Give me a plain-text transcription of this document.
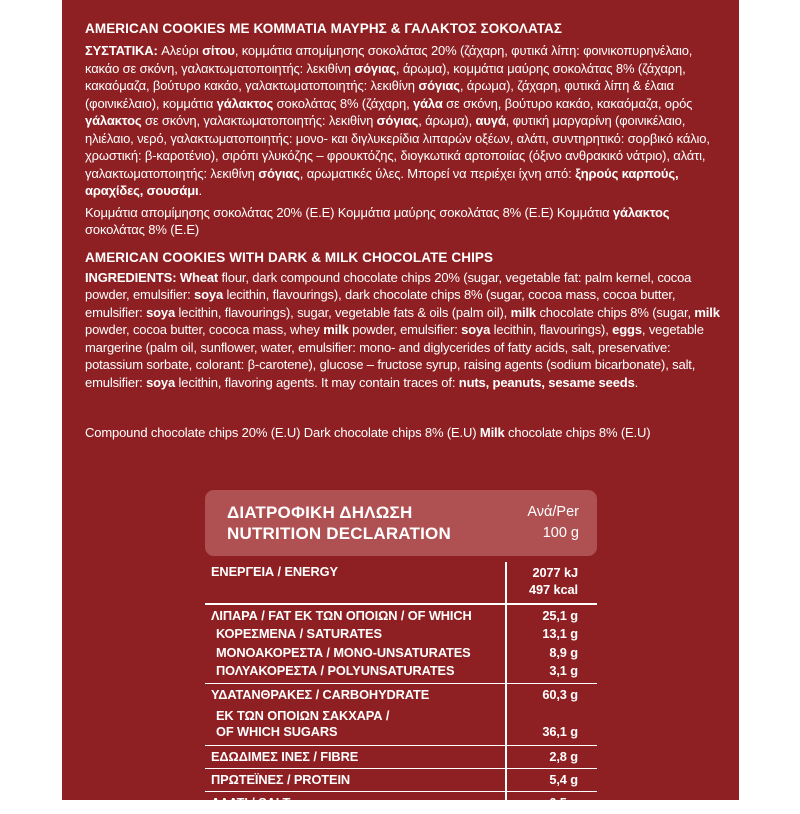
AMERICAN COOKIES ΜΕ ΚΟΜΜΑΤΙΑ ΜΑΥΡΗΣ & ΓΑΛΑΚΤΟΣ ΣΟΚΟΛΑΤΑΣ

ΣΥΣΤΑΤΙΚΑ: Αλεύρι σίτου, κομμάτια απομίμησης σοκολάτας 20% (ζάχαρη, φυτικά λίπη: φοινικοπυρηνέλαιο, κακάο σε σκόνη, γαλακτωματοποιητής: λεκιθίνη σόγιας, άρωμα), κομμάτια μαύρης σοκολάτας 8% (ζάχαρη, κακαόμαζα, βούτυρο κακάο, γαλακτωματοποιητής: λεκιθίνη σόγιας, άρωμα), ζάχαρη, φυτικά λίπη & έλαια (φοινικέλαιο), κομμάτια γάλακτος σοκολάτας 8% (ζάχαρη, γάλα σε σκόνη, βούτυρο κακάο, κακαόμαζα, ορός γάλακτος σε σκόνη, γαλακτωματοποιητής: λεκιθίνη σόγιας, άρωμα), αυγά, φυτική μαργαρίνη (φοινικέλαιο, ηλιέλαιο, νερό, γαλακτωματοποιητής: μονο- και διγλυκερίδια λιπαρών οξέων, αλάτι, συντηρητικό: σορβικό κάλιο, χρωστική: β-καροτένιο), σιρόπι γλυκόζης – φρουκτόζης, διογκωτικά αρτοποιίας (όξινο ανθρακικό νάτριο), αλάτι, γαλακτωματοποιητής: λεκιθίνη σόγιας, αρωματικές ύλες. Μπορεί να περιέχει ίχνη από: ξηρούς καρπούς, αραχίδες, σουσάμι.

Κομμάτια απομίμησης σοκολάτας 20% (Ε.Ε) Κομμάτια μαύρης σοκολάτας 8% (Ε.Ε) Κομμάτια γάλακτος σοκολάτας 8% (Ε.Ε)

AMERICAN COOKIES WITH DARK & MILK CHOCOLATE CHIPS

INGREDIENTS: Wheat flour, dark compound chocolate chips 20% (sugar, vegetable fat: palm kernel, cocoa powder, emulsifier: soya lecithin, flavourings), dark chocolate chips 8% (sugar, cocoa mass, cocoa butter, emulsifier: soya lecithin, flavourings), sugar, vegetable fats & oils (palm oil), milk chocolate chips 8% (sugar, milk powder, cocoa butter, cococa mass, whey milk powder, emulsifier: soya lecithin, flavourings), eggs, vegetable margerine (palm oil, sunflower, water, emulsifier: mono- and diglycerides of fatty acids, salt, preservative: potassium sorbate, colorant: β-carotene), glucose – fructose syrup, raising agents (sodium bicarbonate), salt, emulsifier: soya lecithin, flavoring agents. It may contain traces of: nuts, peanuts, sesame seeds.

Compound chocolate chips 20% (E.U) Dark chocolate chips 8% (E.U) Milk chocolate chips 8% (E.U)

ΔΙΑΤΡΟΦΙΚΗ ΔΗΛΩΣΗ
NUTRITION DECLARATION
Ανά/Per
100 g
ΕΝΕΡΓΕΙΑ / ENERGY	2077 kJ
497 kcal
ΛΙΠΑΡΑ / FAT ΕΚ ΤΩΝ ΟΠΟΙΩΝ / OF WHICH	25,1 g
ΚΟΡΕΣΜΕΝΑ / SATURATES	13,1 g
ΜΟΝΟΑΚΟΡΕΣΤΑ / MONO-UNSATURATES	8,9 g
ΠΟΛΥΑΚΟΡΕΣΤΑ / POLYUNSATURATES	3,1 g
ΥΔΑΤΑΝΘΡΑΚΕΣ / CARBOHYDRATE	60,3 g
ΕΚ ΤΩΝ ΟΠΟΙΩΝ ΣΑΚΧΑΡΑ /
OF WHICH SUGARS	36,1 g
ΕΔΩΔΙΜΕΣ ΙΝΕΣ / FIBRE	2,8 g
ΠΡΩΤΕΪΝΕΣ / PROTEIN	5,4 g
ΑΛΑΤΙ / SALT	0,5 g
